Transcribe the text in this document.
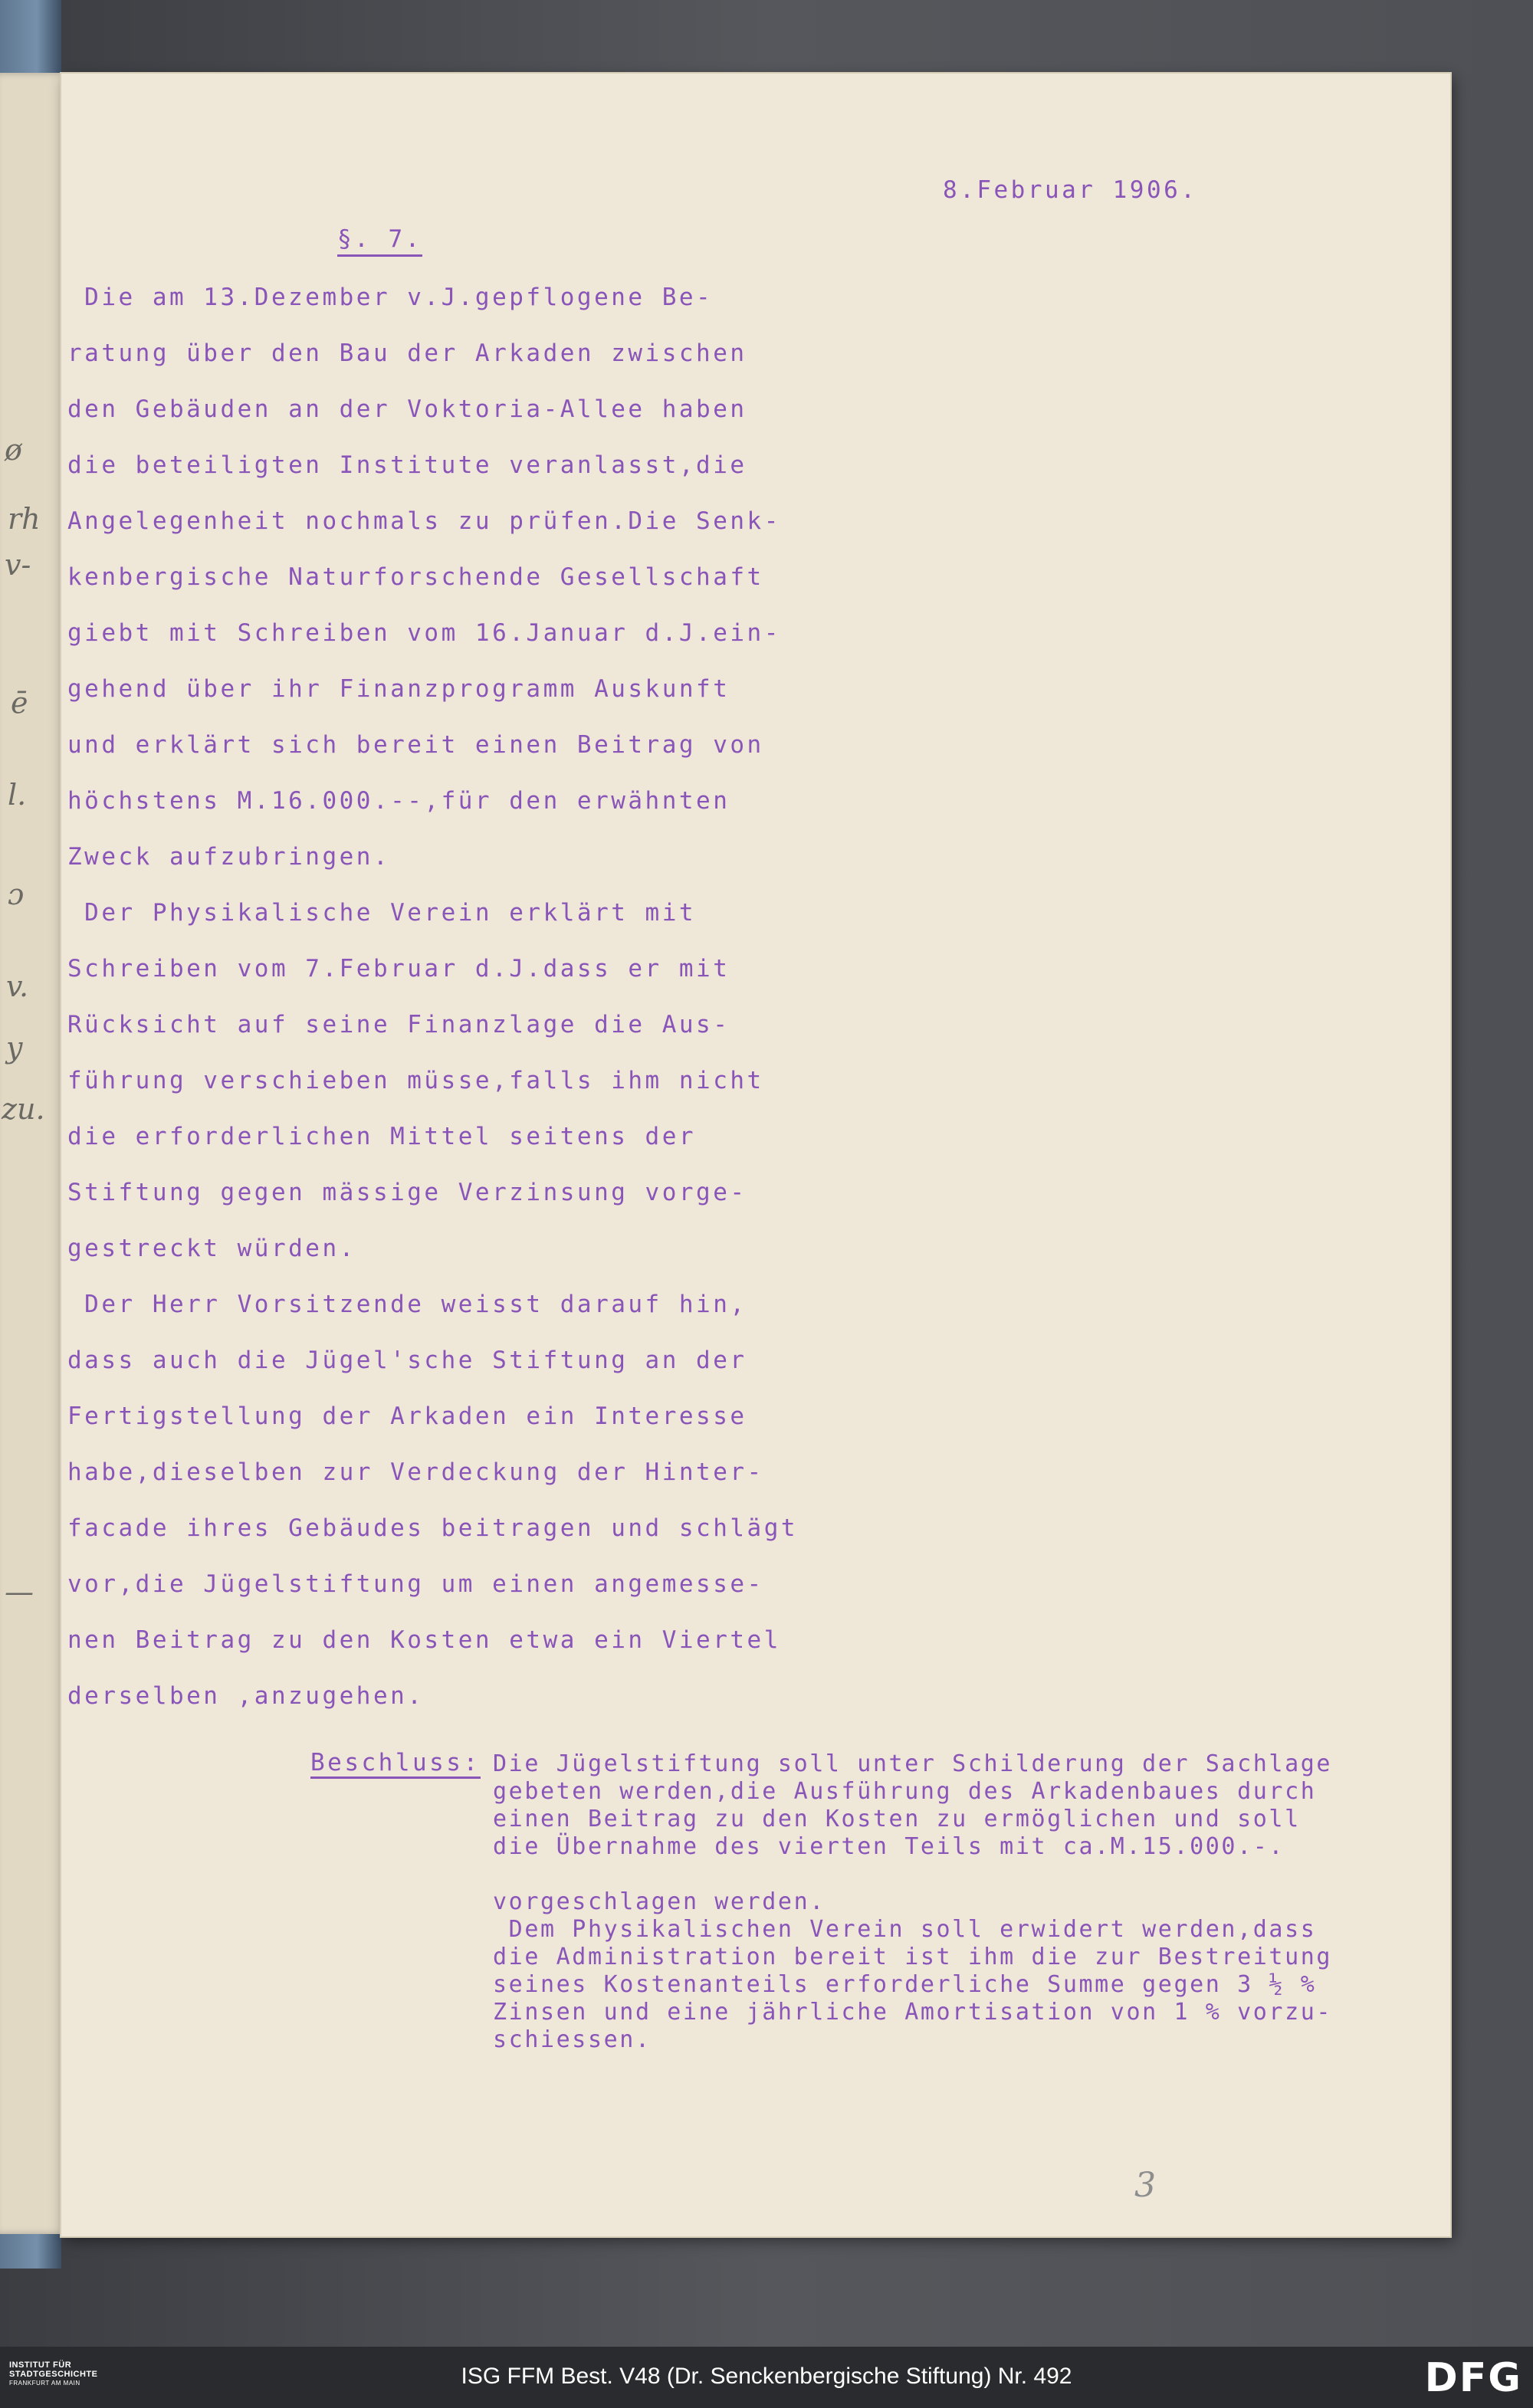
ø
rh
v-
ē
l.
ɔ
v.
y
zu.
—
8.Februar 1906.
§. 7.
Die am 13.Dezember v.J.gepflogene Be-
ratung über den Bau der Arkaden zwischen
den Gebäuden an der Voktoria-Allee haben
die beteiligten Institute veranlasst,die
Angelegenheit nochmals zu prüfen.Die Senk-
kenbergische Naturforschende Gesellschaft
giebt mit Schreiben vom 16.Januar d.J.ein-
gehend über ihr Finanzprogramm Auskunft
und erklärt sich bereit einen Beitrag von
höchstens M.16.000.--,für den erwähnten
Zweck aufzubringen.
Der Physikalische Verein erklärt mit
Schreiben vom 7.Februar d.J.dass er mit
Rücksicht auf seine Finanzlage die Aus-
führung verschieben müsse,falls ihm nicht
die erforderlichen Mittel seitens der
Stiftung gegen mässige Verzinsung vorge-
gestreckt würden.
Der Herr Vorsitzende weisst darauf hin,
dass auch die Jügel'sche Stiftung an der
Fertigstellung der Arkaden ein Interesse
habe,dieselben zur Verdeckung der Hinter-
facade ihres Gebäudes beitragen und schlägt
vor,die Jügelstiftung um einen angemesse-
nen Beitrag zu den Kosten etwa ein Viertel
derselben ,anzugehen.
Beschluss: Die Jügelstiftung soll unter Schilderung der Sachlage
gebeten werden,die Ausführung des Arkadenbaues durch
einen Beitrag zu den Kosten zu ermöglichen und soll
die Übernahme des vierten Teils mit ca.M.15.000.-.
vorgeschlagen werden.
Dem Physikalischen Verein soll erwidert werden,dass
die Administration bereit ist ihm die zur Bestreitung
seines Kostenanteils erforderliche Summe gegen 3 ½ %
Zinsen und eine jährliche Amortisation von 1 % vorzu-
schiessen.
3
INSTITUT FÜR
STADTGESCHICHTE
FRANKFURT AM MAIN	ISG FFM Best. V48 (Dr. Senckenbergische Stiftung) Nr. 492	DFG
